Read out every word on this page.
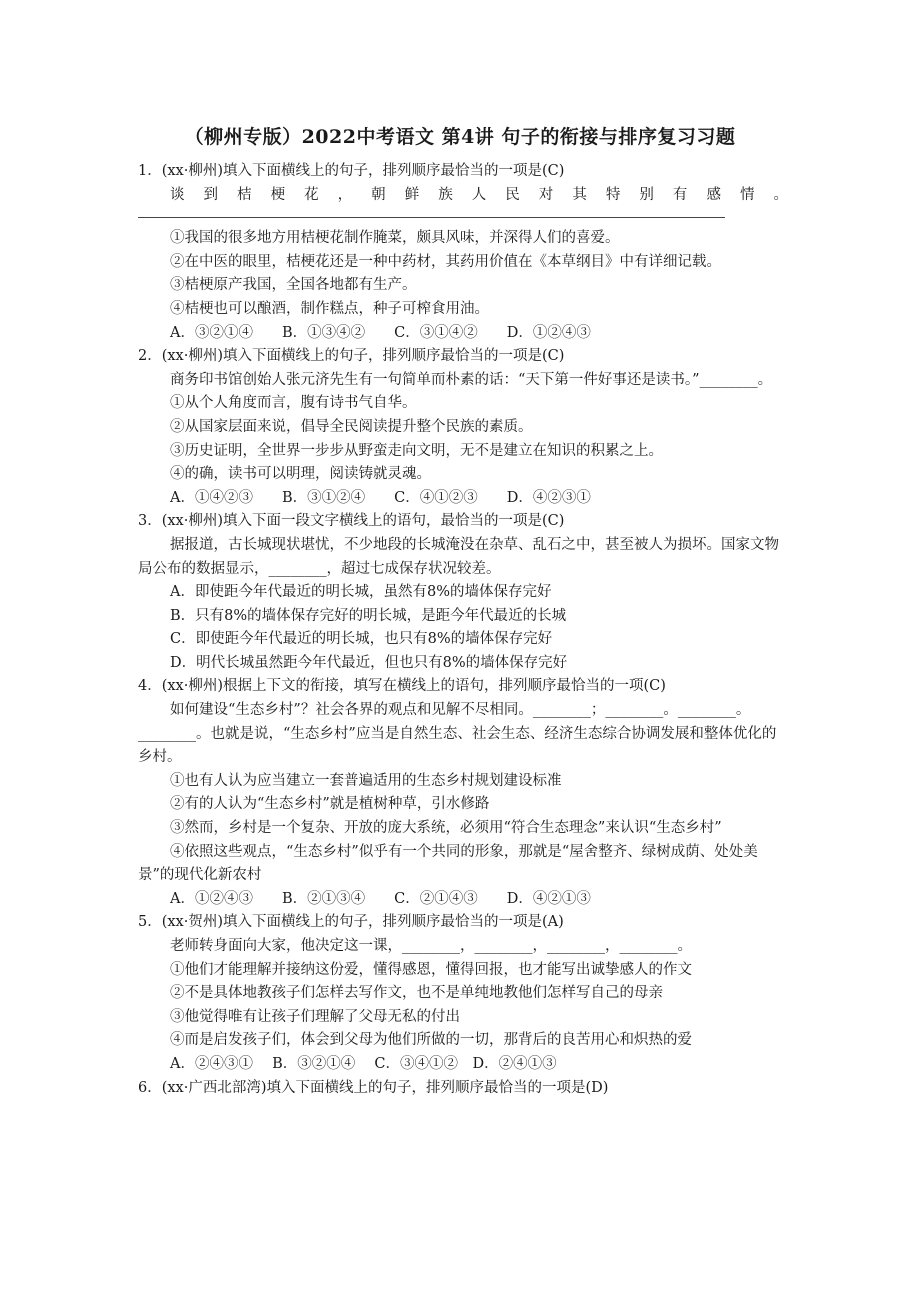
（柳州专版）2022中考语文 第4讲 句子的衔接与排序复习习题
1．(xx·柳州)填入下面横线上的句子，排列顺序最恰当的一项是(C)
谈到桔梗花，朝鲜族人民对其特别有感情。
①我国的很多地方用桔梗花制作腌菜，颇具风味，并深得人们的喜爱。
②在中医的眼里，桔梗花还是一种中药材，其药用价值在《本草纲目》中有详细记载。
③桔梗原产我国，全国各地都有生产。
④桔梗也可以酿酒，制作糕点，种子可榨食用油。
A．③②①④　　B．①③④②　　C．③①④②　　D．①②④③
2．(xx·柳州)填入下面横线上的句子，排列顺序最恰当的一项是(C)
商务印书馆创始人张元济先生有一句简单而朴素的话：“天下第一件好事还是读书。”________。
①从个人角度而言，腹有诗书气自华。
②从国家层面来说，倡导全民阅读提升整个民族的素质。
③历史证明，全世界一步步从野蛮走向文明，无不是建立在知识的积累之上。
④的确，读书可以明理，阅读铸就灵魂。
A．①④②③　　B．③①②④　　C．④①②③　　D．④②③①
3．(xx·柳州)填入下面一段文字横线上的语句，最恰当的一项是(C)
据报道，古长城现状堪忧，不少地段的长城淹没在杂草、乱石之中，甚至被人为损坏。国家文物局公布的数据显示，________，超过七成保存状况较差。
A．即使距今年代最近的明长城，虽然有8%的墙体保存完好
B．只有8%的墙体保存完好的明长城，是距今年代最近的长城
C．即使距今年代最近的明长城，也只有8%的墙体保存完好
D．明代长城虽然距今年代最近，但也只有8%的墙体保存完好
4．(xx·柳州)根据上下文的衔接，填写在横线上的语句，排列顺序最恰当的一项(C)
如何建设“生态乡村”？社会各界的观点和见解不尽相同。________；________。________。________。也就是说，“生态乡村”应当是自然生态、社会生态、经济生态综合协调发展和整体优化的乡村。
①也有人认为应当建立一套普遍适用的生态乡村规划建设标准
②有的人认为“生态乡村”就是植树种草，引水修路
③然而，乡村是一个复杂、开放的庞大系统，必须用“符合生态理念”来认识“生态乡村”
④依照这些观点，“生态乡村”似乎有一个共同的形象，那就是“屋舍整齐、绿树成荫、处处美景”的现代化新农村
A．①②④③　　B．②①③④　　C．②①④③　　D．④②①③
5．(xx·贺州)填入下面横线上的句子，排列顺序最恰当的一项是(A)
老师转身面向大家，他决定这一课，________，________，________，________。
①他们才能理解并接纳这份爱，懂得感恩，懂得回报，也才能写出诚挚感人的作文
②不是具体地教孩子们怎样去写作文，也不是单纯地教他们怎样写自己的母亲
③他觉得唯有让孩子们理解了父母无私的付出
④而是启发孩子们，体会到父母为他们所做的一切，那背后的良苦用心和炽热的爱
A．②④③①　 B．③②①④　 C．③④①②　D．②④①③
6．(xx·广西北部湾)填入下面横线上的句子，排列顺序最恰当的一项是(D)
